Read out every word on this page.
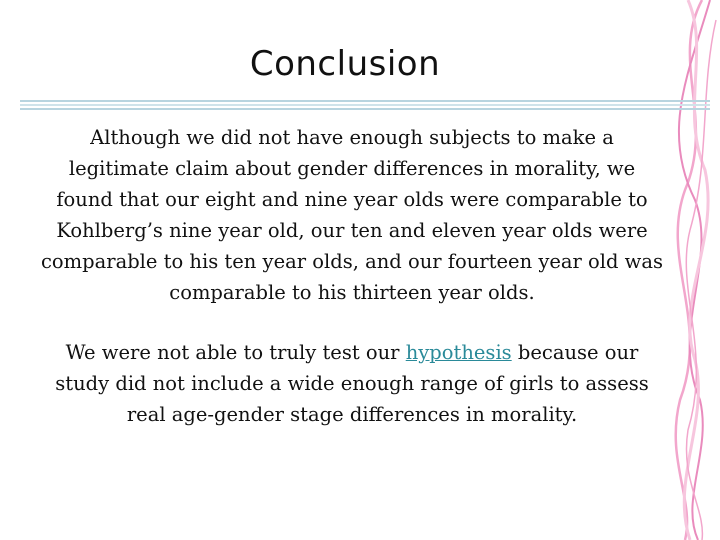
Conclusion

Although we did not have enough subjects to make a legitimate claim about gender differences in morality, we found that our eight and nine year olds were comparable to Kohlberg’s nine year old, our ten and eleven year olds were comparable to his ten year olds, and our fourteen year old was comparable to his thirteen year olds.

We were not able to truly test our hypothesis because our study did not include a wide enough range of girls to assess real age-gender stage differences in morality.
